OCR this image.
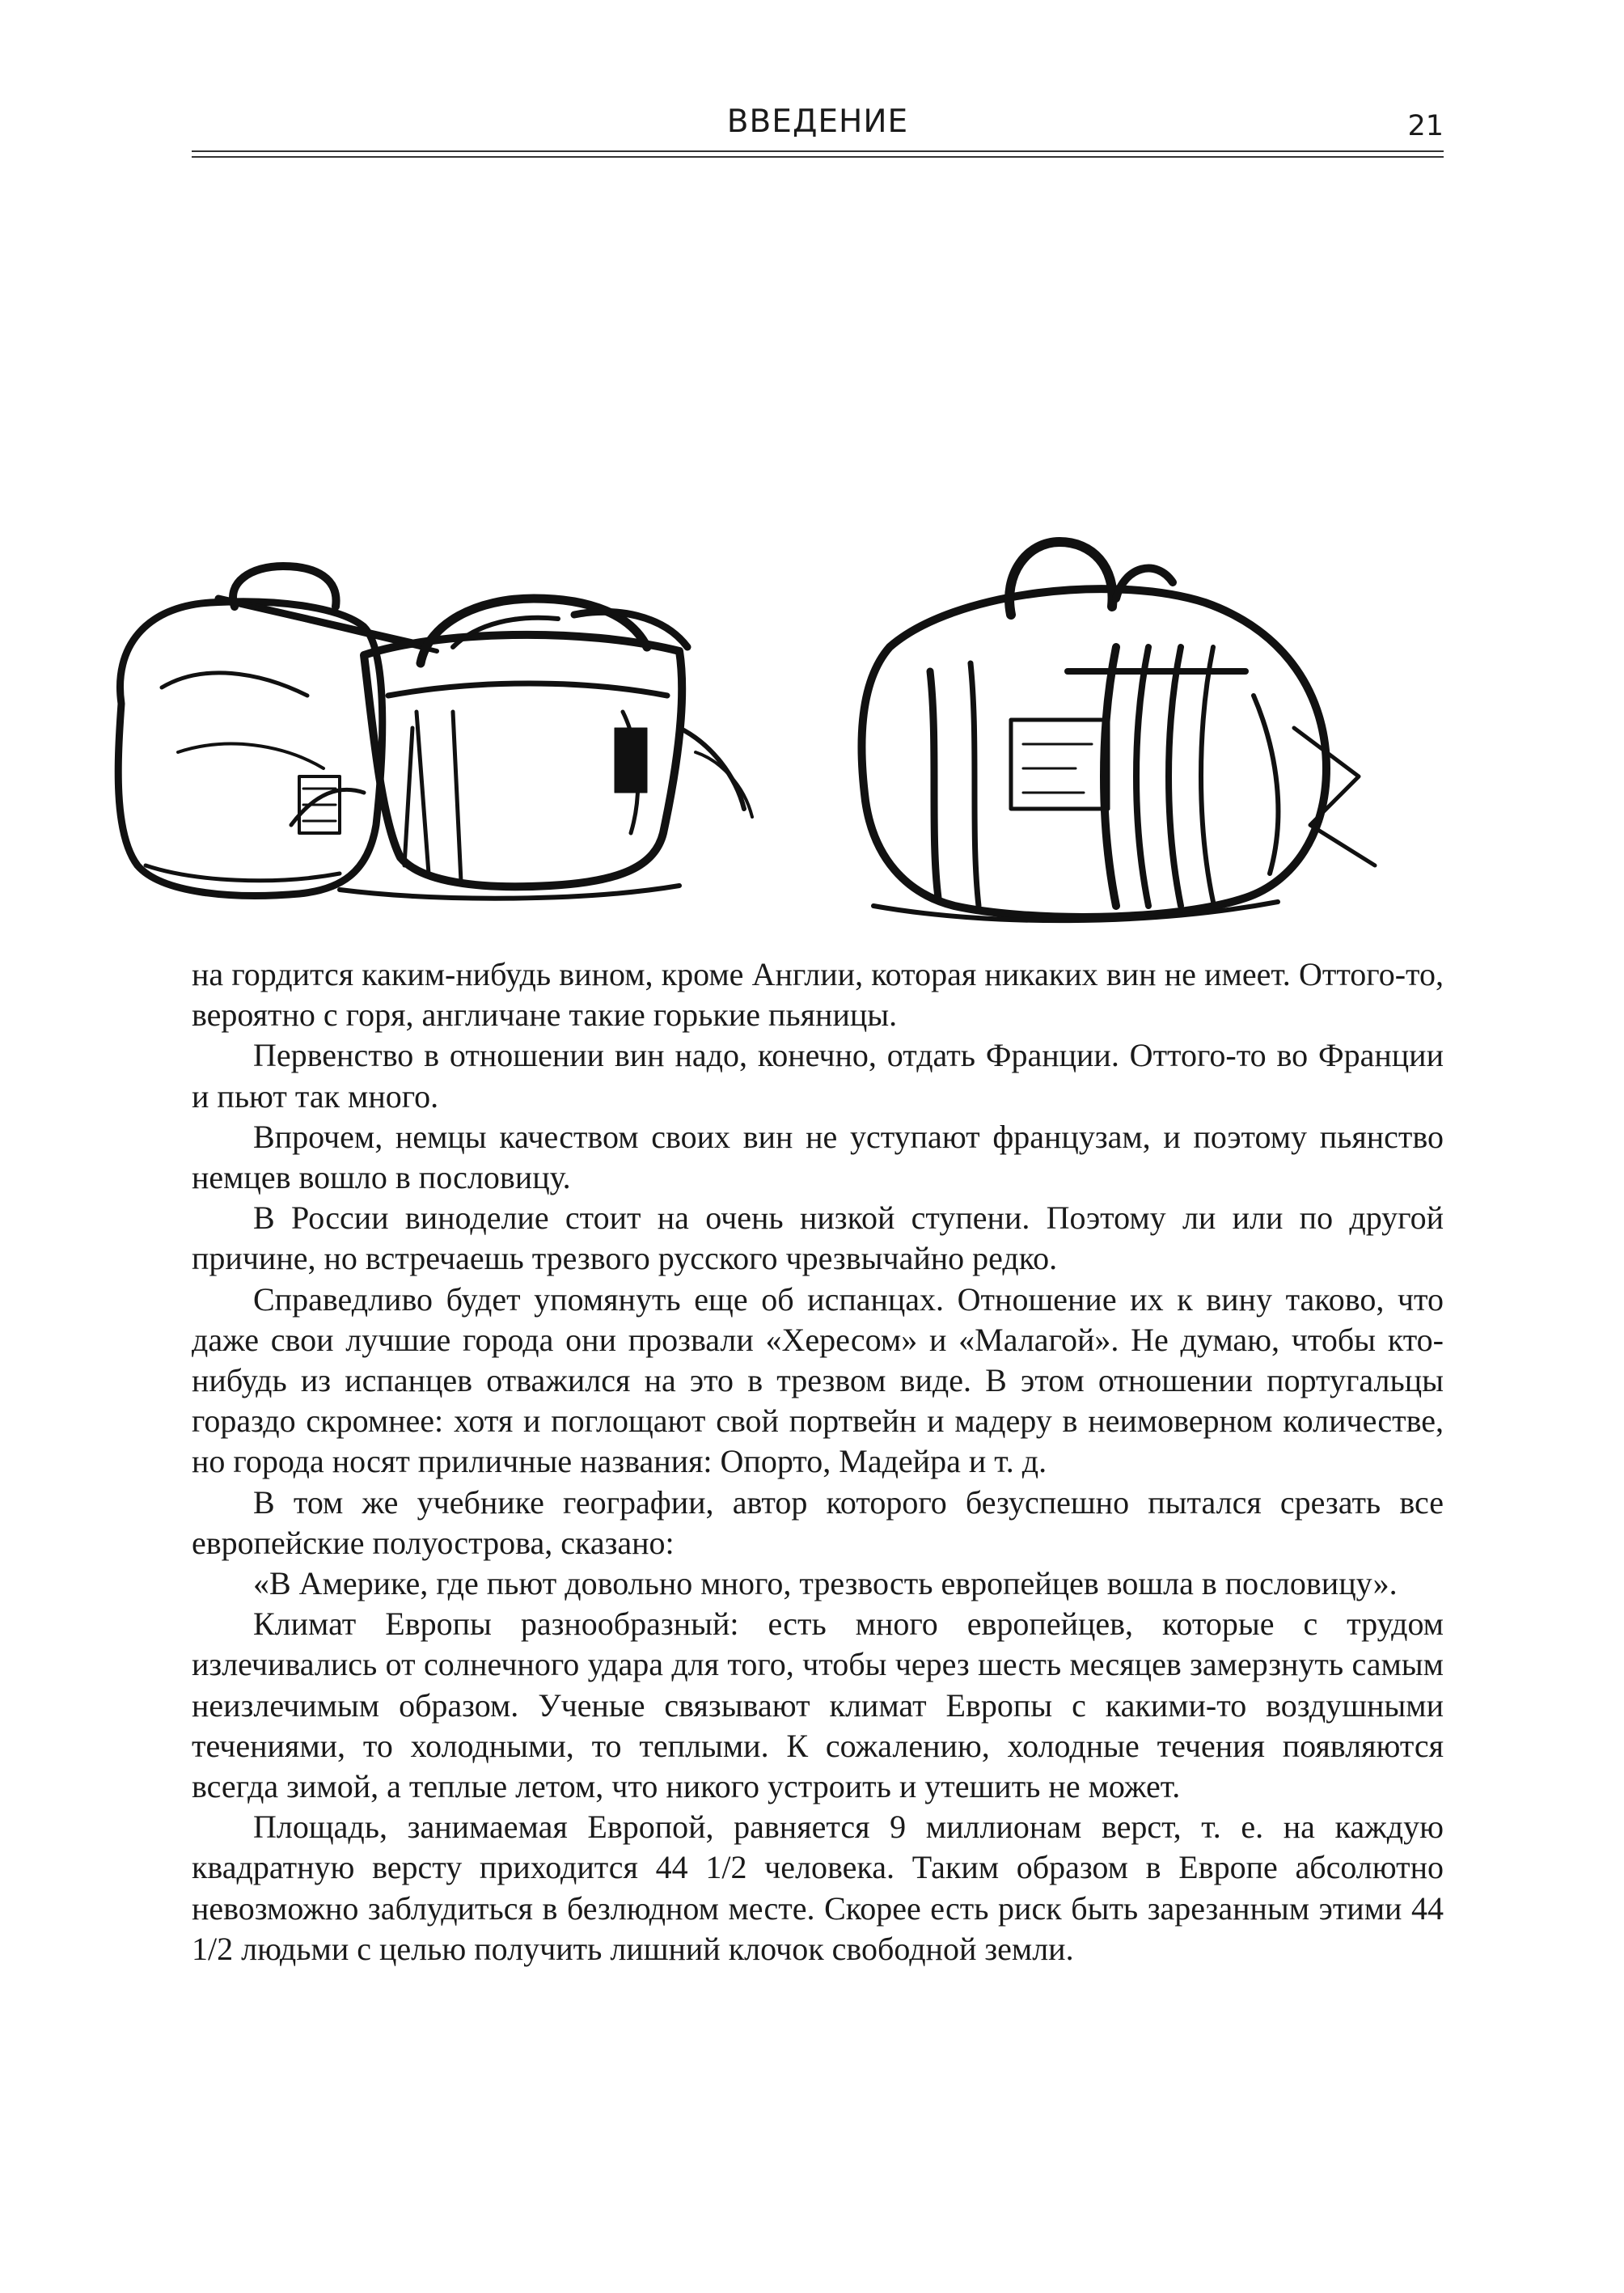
ВВЕДЕНИЕ	21

на гордится каким-нибудь вином, кроме Англии, которая никаких вин не имеет. Оттого-то, вероятно с горя, англичане такие горькие пьяницы.

Первенство в отношении вин надо, конечно, отдать Франции. Оттого-то во Франции и пьют так много.

Впрочем, немцы качеством своих вин не уступают французам, и поэтому пьянство немцев вошло в пословицу.

В России виноделие стоит на очень низкой ступени. Поэтому ли или по другой причине, но встречаешь трезвого русского чрезвычайно редко.

Справедливо будет упомянуть еще об испанцах. Отношение их к вину таково, что даже свои лучшие города они прозвали «Хересом» и «Малагой». Не думаю, чтобы кто-нибудь из испанцев отважился на это в трезвом виде. В этом отношении португальцы гораздо скромнее: хотя и поглощают свой портвейн и мадеру в неимоверном количестве, но города носят приличные названия: Опорто, Мадейра и т. д.

В том же учебнике географии, автор которого безуспешно пытался срезать все европейские полуострова, сказано:

«В Америке, где пьют довольно много, трезвость европейцев вошла в пословицу».

Климат Европы разнообразный: есть много европейцев, которые с трудом излечивались от солнечного удара для того, чтобы через шесть месяцев замерзнуть самым неизлечимым образом. Ученые связывают климат Европы с какими-то воздушными течениями, то холодными, то теплыми. К сожалению, холодные течения появляются всегда зимой, а теплые летом, что никого устроить и утешить не может.

Площадь, занимаемая Европой, равняется 9 миллионам верст, т. е. на каждую квадратную версту приходится 44 1/2 человека. Таким образом в Европе абсолютно невозможно заблудиться в безлюдном месте. Скорее есть риск быть зарезанным этими 44 1/2 людьми с целью получить лишний клочок свободной земли.
